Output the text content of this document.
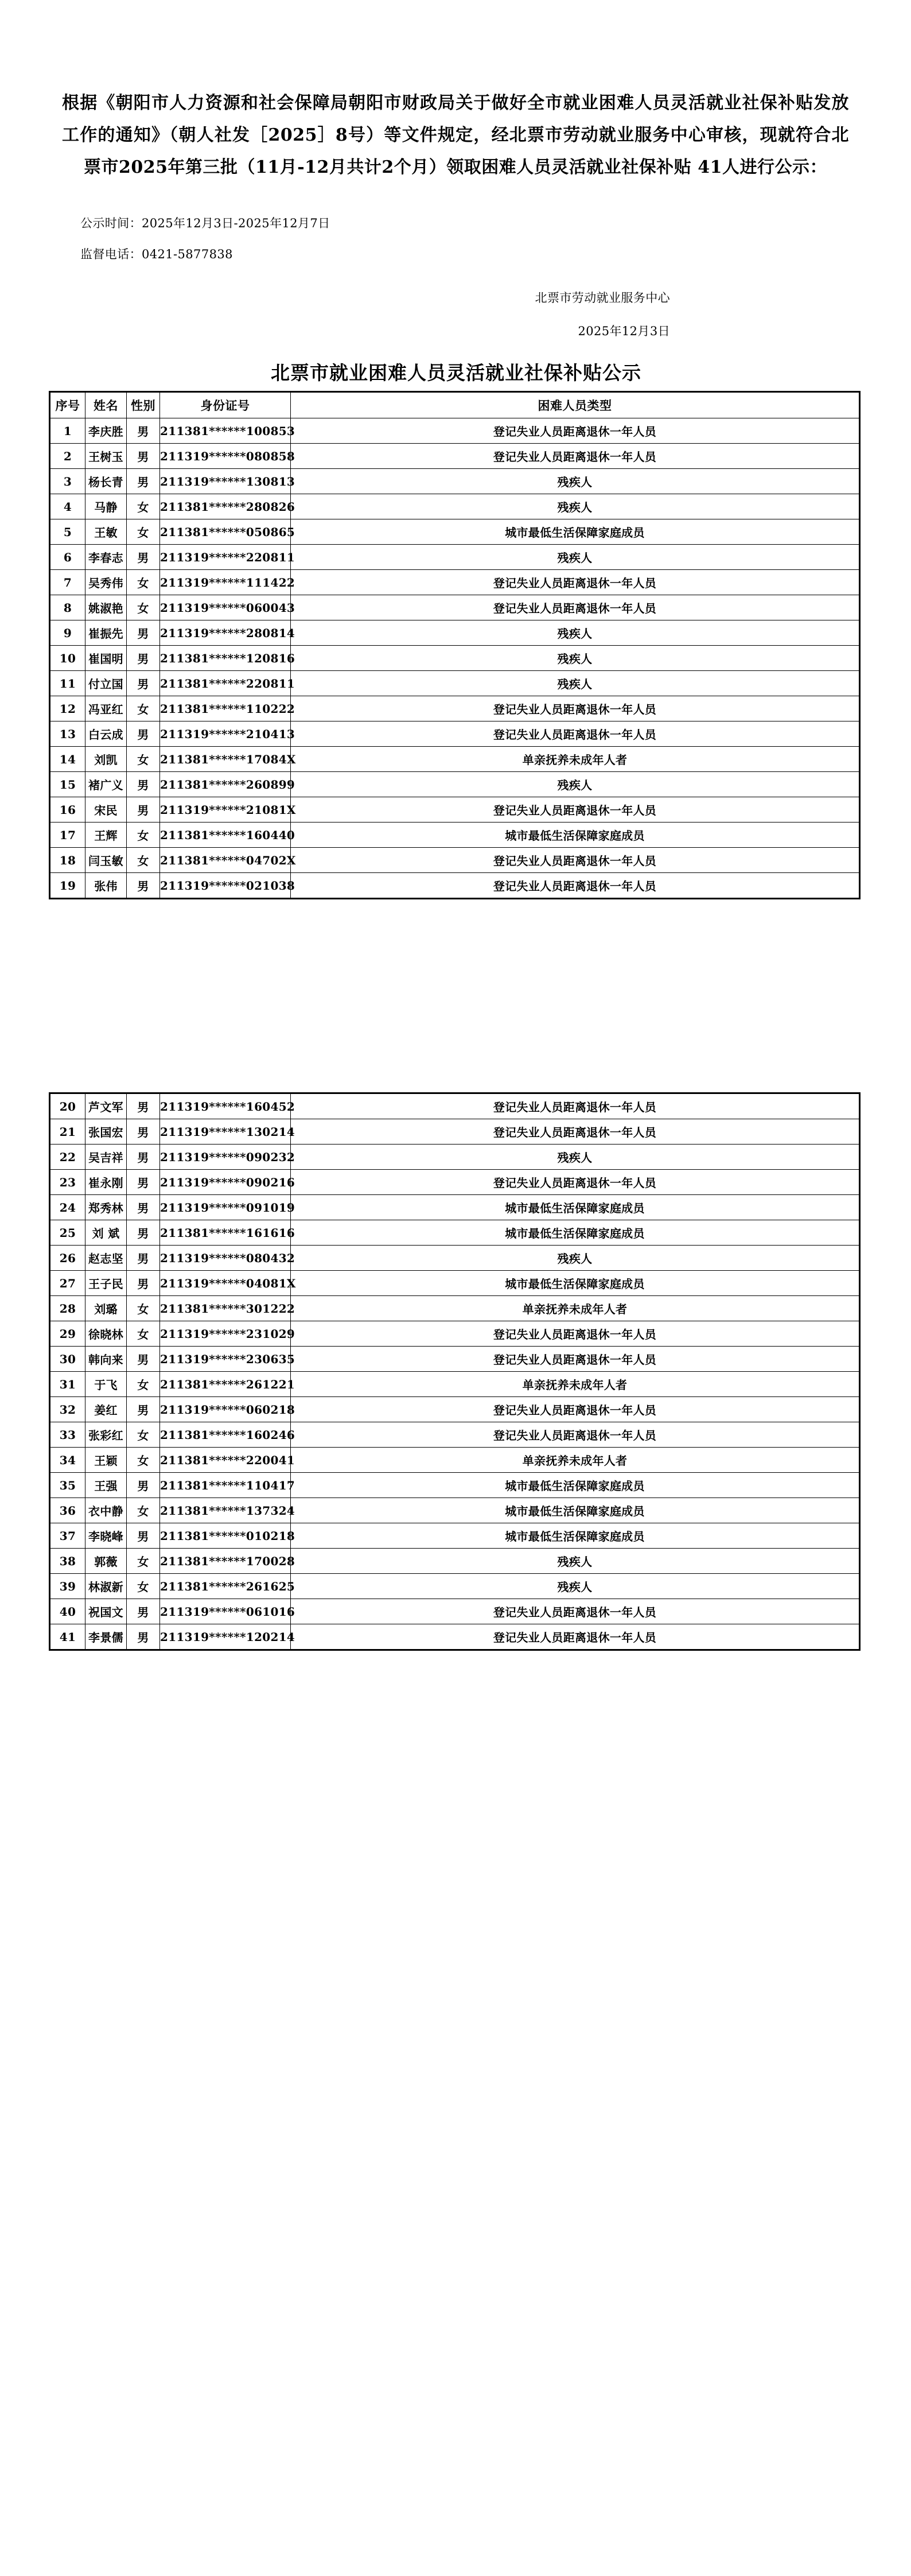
根据《朝阳市人力资源和社会保障局朝阳市财政局关于做好全市就业困难人员灵活就业社保补贴发放工作的通知》（朝人社发［2025］8号）等文件规定，经北票市劳动就业服务中心审核，现就符合北票市2025年第三批（11月-12月共计2个月）领取困难人员灵活就业社保补贴 41人进行公示：

公示时间：2025年12月3日-2025年12月7日
监督电话：0421-5877838
北票市劳动就业服务中心
2025年12月3日
北票市就业困难人员灵活就业社保补贴公示
序号	姓名	性别	身份证号	困难人员类型
1	李庆胜	男	211381******100853	登记失业人员距离退休一年人员
2	王树玉	男	211319******080858	登记失业人员距离退休一年人员
3	杨长青	男	211319******130813	残疾人
4	马静	女	211381******280826	残疾人
5	王敏	女	211381******050865	城市最低生活保障家庭成员
6	李春志	男	211319******220811	残疾人
7	吴秀伟	女	211319******111422	登记失业人员距离退休一年人员
8	姚淑艳	女	211319******060043	登记失业人员距离退休一年人员
9	崔振先	男	211319******280814	残疾人
10	崔国明	男	211381******120816	残疾人
11	付立国	男	211381******220811	残疾人
12	冯亚红	女	211381******110222	登记失业人员距离退休一年人员
13	白云成	男	211319******210413	登记失业人员距离退休一年人员
14	刘凯	女	211381******17084X	单亲抚养未成年人者
15	褚广义	男	211381******260899	残疾人
16	宋民	男	211319******21081X	登记失业人员距离退休一年人员
17	王辉	女	211381******160440	城市最低生活保障家庭成员
18	闫玉敏	女	211381******04702X	登记失业人员距离退休一年人员
19	张伟	男	211319******021038	登记失业人员距离退休一年人员
20	芦文军	男	211319******160452	登记失业人员距离退休一年人员
21	张国宏	男	211319******130214	登记失业人员距离退休一年人员
22	吴吉祥	男	211319******090232	残疾人
23	崔永刚	男	211319******090216	登记失业人员距离退休一年人员
24	郑秀林	男	211319******091019	城市最低生活保障家庭成员
25	刘 斌	男	211381******161616	城市最低生活保障家庭成员
26	赵志坚	男	211319******080432	残疾人
27	王子民	男	211319******04081X	城市最低生活保障家庭成员
28	刘璐	女	211381******301222	单亲抚养未成年人者
29	徐晓林	女	211319******231029	登记失业人员距离退休一年人员
30	韩向来	男	211319******230635	登记失业人员距离退休一年人员
31	于飞	女	211381******261221	单亲抚养未成年人者
32	姜红	男	211319******060218	登记失业人员距离退休一年人员
33	张彩红	女	211381******160246	登记失业人员距离退休一年人员
34	王颖	女	211381******220041	单亲抚养未成年人者
35	王强	男	211381******110417	城市最低生活保障家庭成员
36	衣中静	女	211381******137324	城市最低生活保障家庭成员
37	李晓峰	男	211381******010218	城市最低生活保障家庭成员
38	郭薇	女	211381******170028	残疾人
39	林淑新	女	211381******261625	残疾人
40	祝国文	男	211319******061016	登记失业人员距离退休一年人员
41	李景儒	男	211319******120214	登记失业人员距离退休一年人员
